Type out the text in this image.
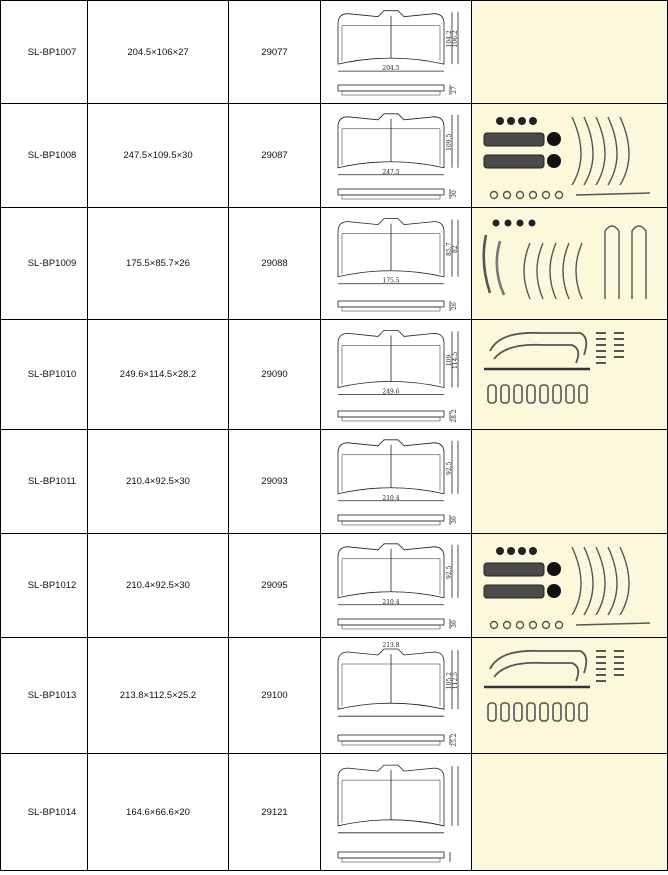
SL-BP1007	204.5×106×27	29077	104.2 106.2
204.5
27	

SL-BP1008	247.5×109.5×30	29087	109.5
247.5
30

SL-BP1009	175.5×85.7×26	29088	85.7 82
175.5
26

SL-BP1010	249.6×114.5×28.2	29090	109 114.5
249.6
28.2

SL-BP1011	210.4×92.5×30	29093	92.5
210.4
30	

SL-BP1012	210.4×92.5×30	29095	92.5
210.4
30

SL-BP1013	213.8×112.5×25.2	29100	105.2 112.5
213.8
25.2

SL-BP1014	164.6×66.6×20	29121	
